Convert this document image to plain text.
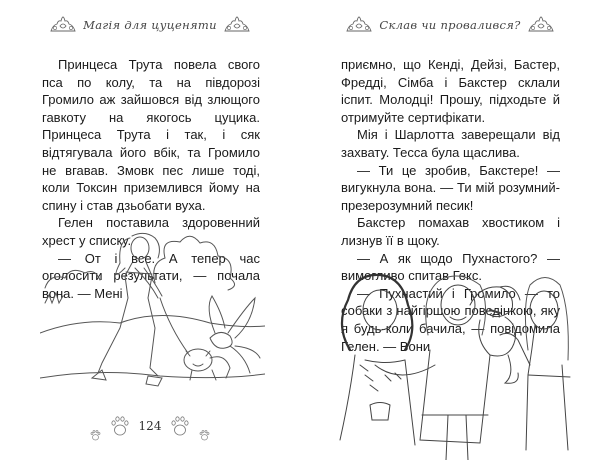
Магія для цуценяти

Принцеса Трута повела свого пса по колу, та на півдорозі Громило аж зайшовся від злющого гавкоту на якогось цуцика. Принцеса Трута і так, і сяк відтягувала його вбік, та Громило не вгавав. Змовк пес лише тоді, коли Токсин приземлився йому на спину і став дзьобати вуха.

Гелен поставила здоровенний хрест у списку.

— От і все. А тепер час оголосити результати, — почала вона. — Мені

124
Склав чи провалився?

приємно, що Кенді, Дейзі, Бастер, Фредді, Сімба і Бакстер склали іспит. Молодці! Прошу, підходьте й отримуйте сертифікати.

Мія і Шарлотта заверещали від захвату. Тесса була щаслива.

— Ти це зробив, Бакстере! — вигукнула вона. — Ти мій розумний-презерозумний песик!

Бакстер помахав хвостиком і лизнув її в щоку.

— А як щодо Пухнастого? — вимогливо спитав Гекс.

— Пухнастий і Громило — то собаки з найгіршою поведінкою, яку я будь-коли бачила, — повідомила Гелен. — Вони
